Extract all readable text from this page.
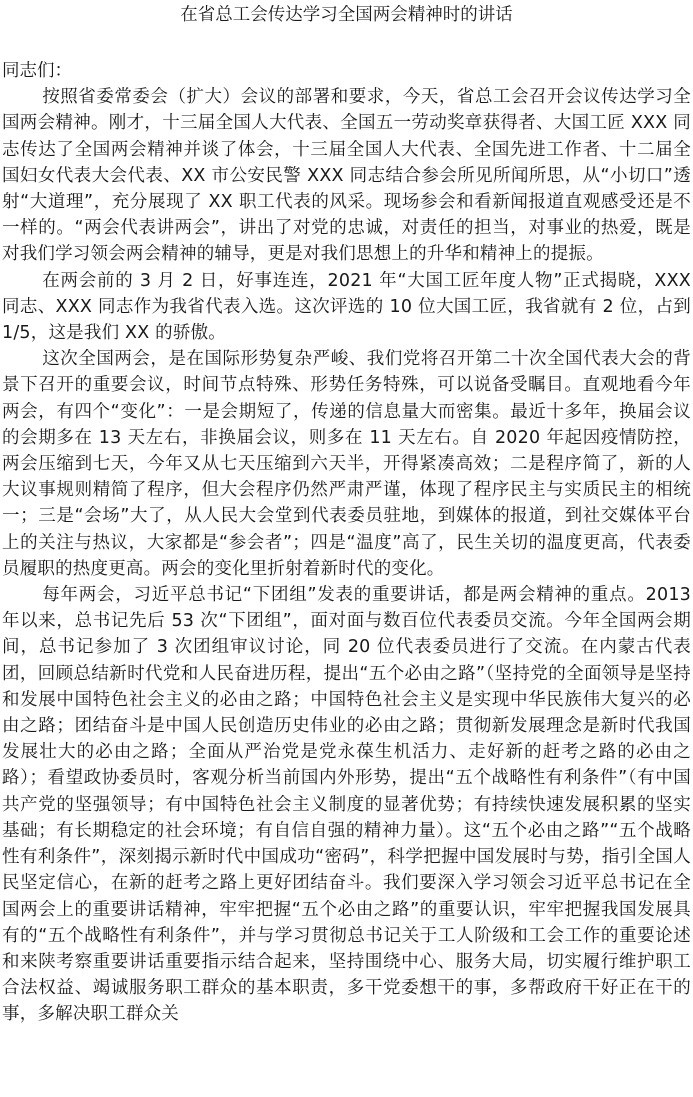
在省总工会传达学习全国两会精神时的讲话

同志们：

按照省委常委会（扩大）会议的部署和要求，今天，省总工会召开会议传达学习全国两会精神。刚才，十三届全国人大代表、全国五一劳动奖章获得者、大国工匠 XXX 同志传达了全国两会精神并谈了体会，十三届全国人大代表、全国先进工作者、十二届全国妇女代表大会代表、XX 市公安民警 XXX 同志结合参会所见所闻所思，从“小切口”透射“大道理”，充分展现了 XX 职工代表的风采。现场参会和看新闻报道直观感受还是不一样的。“两会代表讲两会”，讲出了对党的忠诚，对责任的担当，对事业的热爱，既是对我们学习领会两会精神的辅导，更是对我们思想上的升华和精神上的提振。

在两会前的 3 月 2 日，好事连连，2021 年“大国工匠年度人物”正式揭晓，XXX 同志、XXX 同志作为我省代表入选。这次评选的 10 位大国工匠，我省就有 2 位，占到 1/5，这是我们 XX 的骄傲。

这次全国两会，是在国际形势复杂严峻、我们党将召开第二十次全国代表大会的背景下召开的重要会议，时间节点特殊、形势任务特殊，可以说备受瞩目。直观地看今年两会，有四个“变化”：一是会期短了，传递的信息量大而密集。最近十多年，换届会议的会期多在 13 天左右，非换届会议，则多在 11 天左右。自 2020 年起因疫情防控，两会压缩到七天，今年又从七天压缩到六天半，开得紧凑高效；二是程序简了，新的人大议事规则精简了程序，但大会程序仍然严肃严谨，体现了程序民主与实质民主的相统一；三是“会场”大了，从人民大会堂到代表委员驻地，到媒体的报道，到社交媒体平台上的关注与热议，大家都是“参会者”；四是“温度”高了，民生关切的温度更高，代表委员履职的热度更高。两会的变化里折射着新时代的变化。

每年两会，习近平总书记“下团组”发表的重要讲话，都是两会精神的重点。2013 年以来，总书记先后 53 次“下团组”，面对面与数百位代表委员交流。今年全国两会期间，总书记参加了 3 次团组审议讨论，同 20 位代表委员进行了交流。在内蒙古代表团，回顾总结新时代党和人民奋进历程，提出“五个必由之路”（坚持党的全面领导是坚持和发展中国特色社会主义的必由之路；中国特色社会主义是实现中华民族伟大复兴的必由之路；团结奋斗是中国人民创造历史伟业的必由之路；贯彻新发展理念是新时代我国发展壮大的必由之路；全面从严治党是党永葆生机活力、走好新的赶考之路的必由之路）；看望政协委员时，客观分析当前国内外形势，提出“五个战略性有利条件”（有中国共产党的坚强领导；有中国特色社会主义制度的显著优势；有持续快速发展积累的坚实基础；有长期稳定的社会环境；有自信自强的精神力量）。这“五个必由之路”“五个战略性有利条件”，深刻揭示新时代中国成功“密码”，科学把握中国发展时与势，指引全国人民坚定信心，在新的赶考之路上更好团结奋斗。我们要深入学习领会习近平总书记在全国两会上的重要讲话精神，牢牢把握“五个必由之路”的重要认识，牢牢把握我国发展具有的“五个战略性有利条件”，并与学习贯彻总书记关于工人阶级和工会工作的重要论述和来陕考察重要讲话重要指示结合起来，坚持围绕中心、服务大局，切实履行维护职工合法权益、竭诚服务职工群众的基本职责，多干党委想干的事，多帮政府干好正在干的事，多解决职工群众关
